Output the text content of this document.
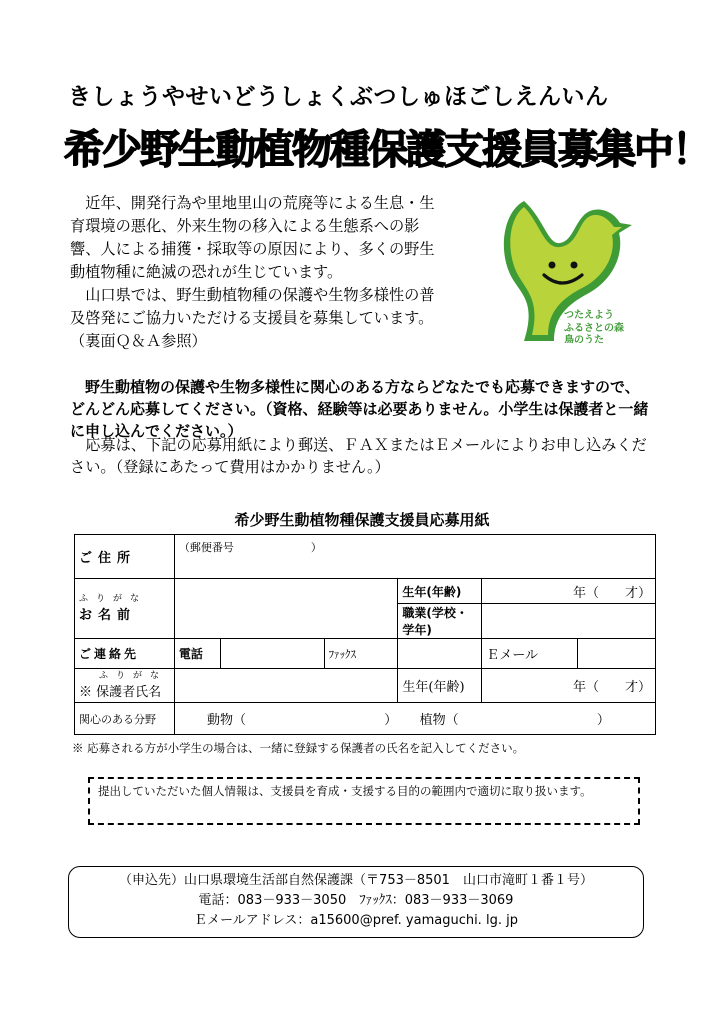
きしょうやせいどうしょくぶつしゅほごしえんいん
希少野生動植物種保護支援員募集中！

近年、開発行為や里地里山の荒廃等による生息・生育環境の悪化、外来生物の移入による生態系への影響、人による捕獲・採取等の原因により、多くの野生動植物種に絶滅の恐れが生じています。

山口県では、野生動植物種の保護や生物多様性の普及啓発にご協力いただける支援員を募集しています。（裏面Ｑ＆Ａ参照）

つたえよう
ふるさとの森
鳥のうた

野生動植物の保護や生物多様性に関心のある方ならどなたでも応募できますので、どんどん応募してください。（資格、経験等は必要ありません。小学生は保護者と一緒に申し込んでください。）

応募は、下記の応募用紙により郵送、ＦＡＸまたはＥメールによりお申し込みください。（登録にあたって費用はかかりません。）

希少野生動植物種保護支援員応募用紙
ご住所	（郵便番号　　　　　　　）					

ふりがな
お名前				生年(年齢)	年（　　才）	
				職業(学校・学年)		
ご連絡先	電話		ﾌｧｯｸｽ		Ｅメール	

ふりがな
※ 保護者氏名				生年(年齢)	年（　　才）	
関心のある分野	動物（ ） 植物（ ）					
※ 応募される方が小学生の場合は、一緒に登録する保護者の氏名を記入してください。
提出していただいた個人情報は、支援員を育成・支援する目的の範囲内で適切に取り扱います。
（申込先）山口県環境生活部自然保護課（〒753－8501　山口市滝町１番１号）
電話：083－933－3050　ﾌｧｯｸｽ：083－933－3069
Ｅメールアドレス：a15600@pref. yamaguchi. lg. jp
